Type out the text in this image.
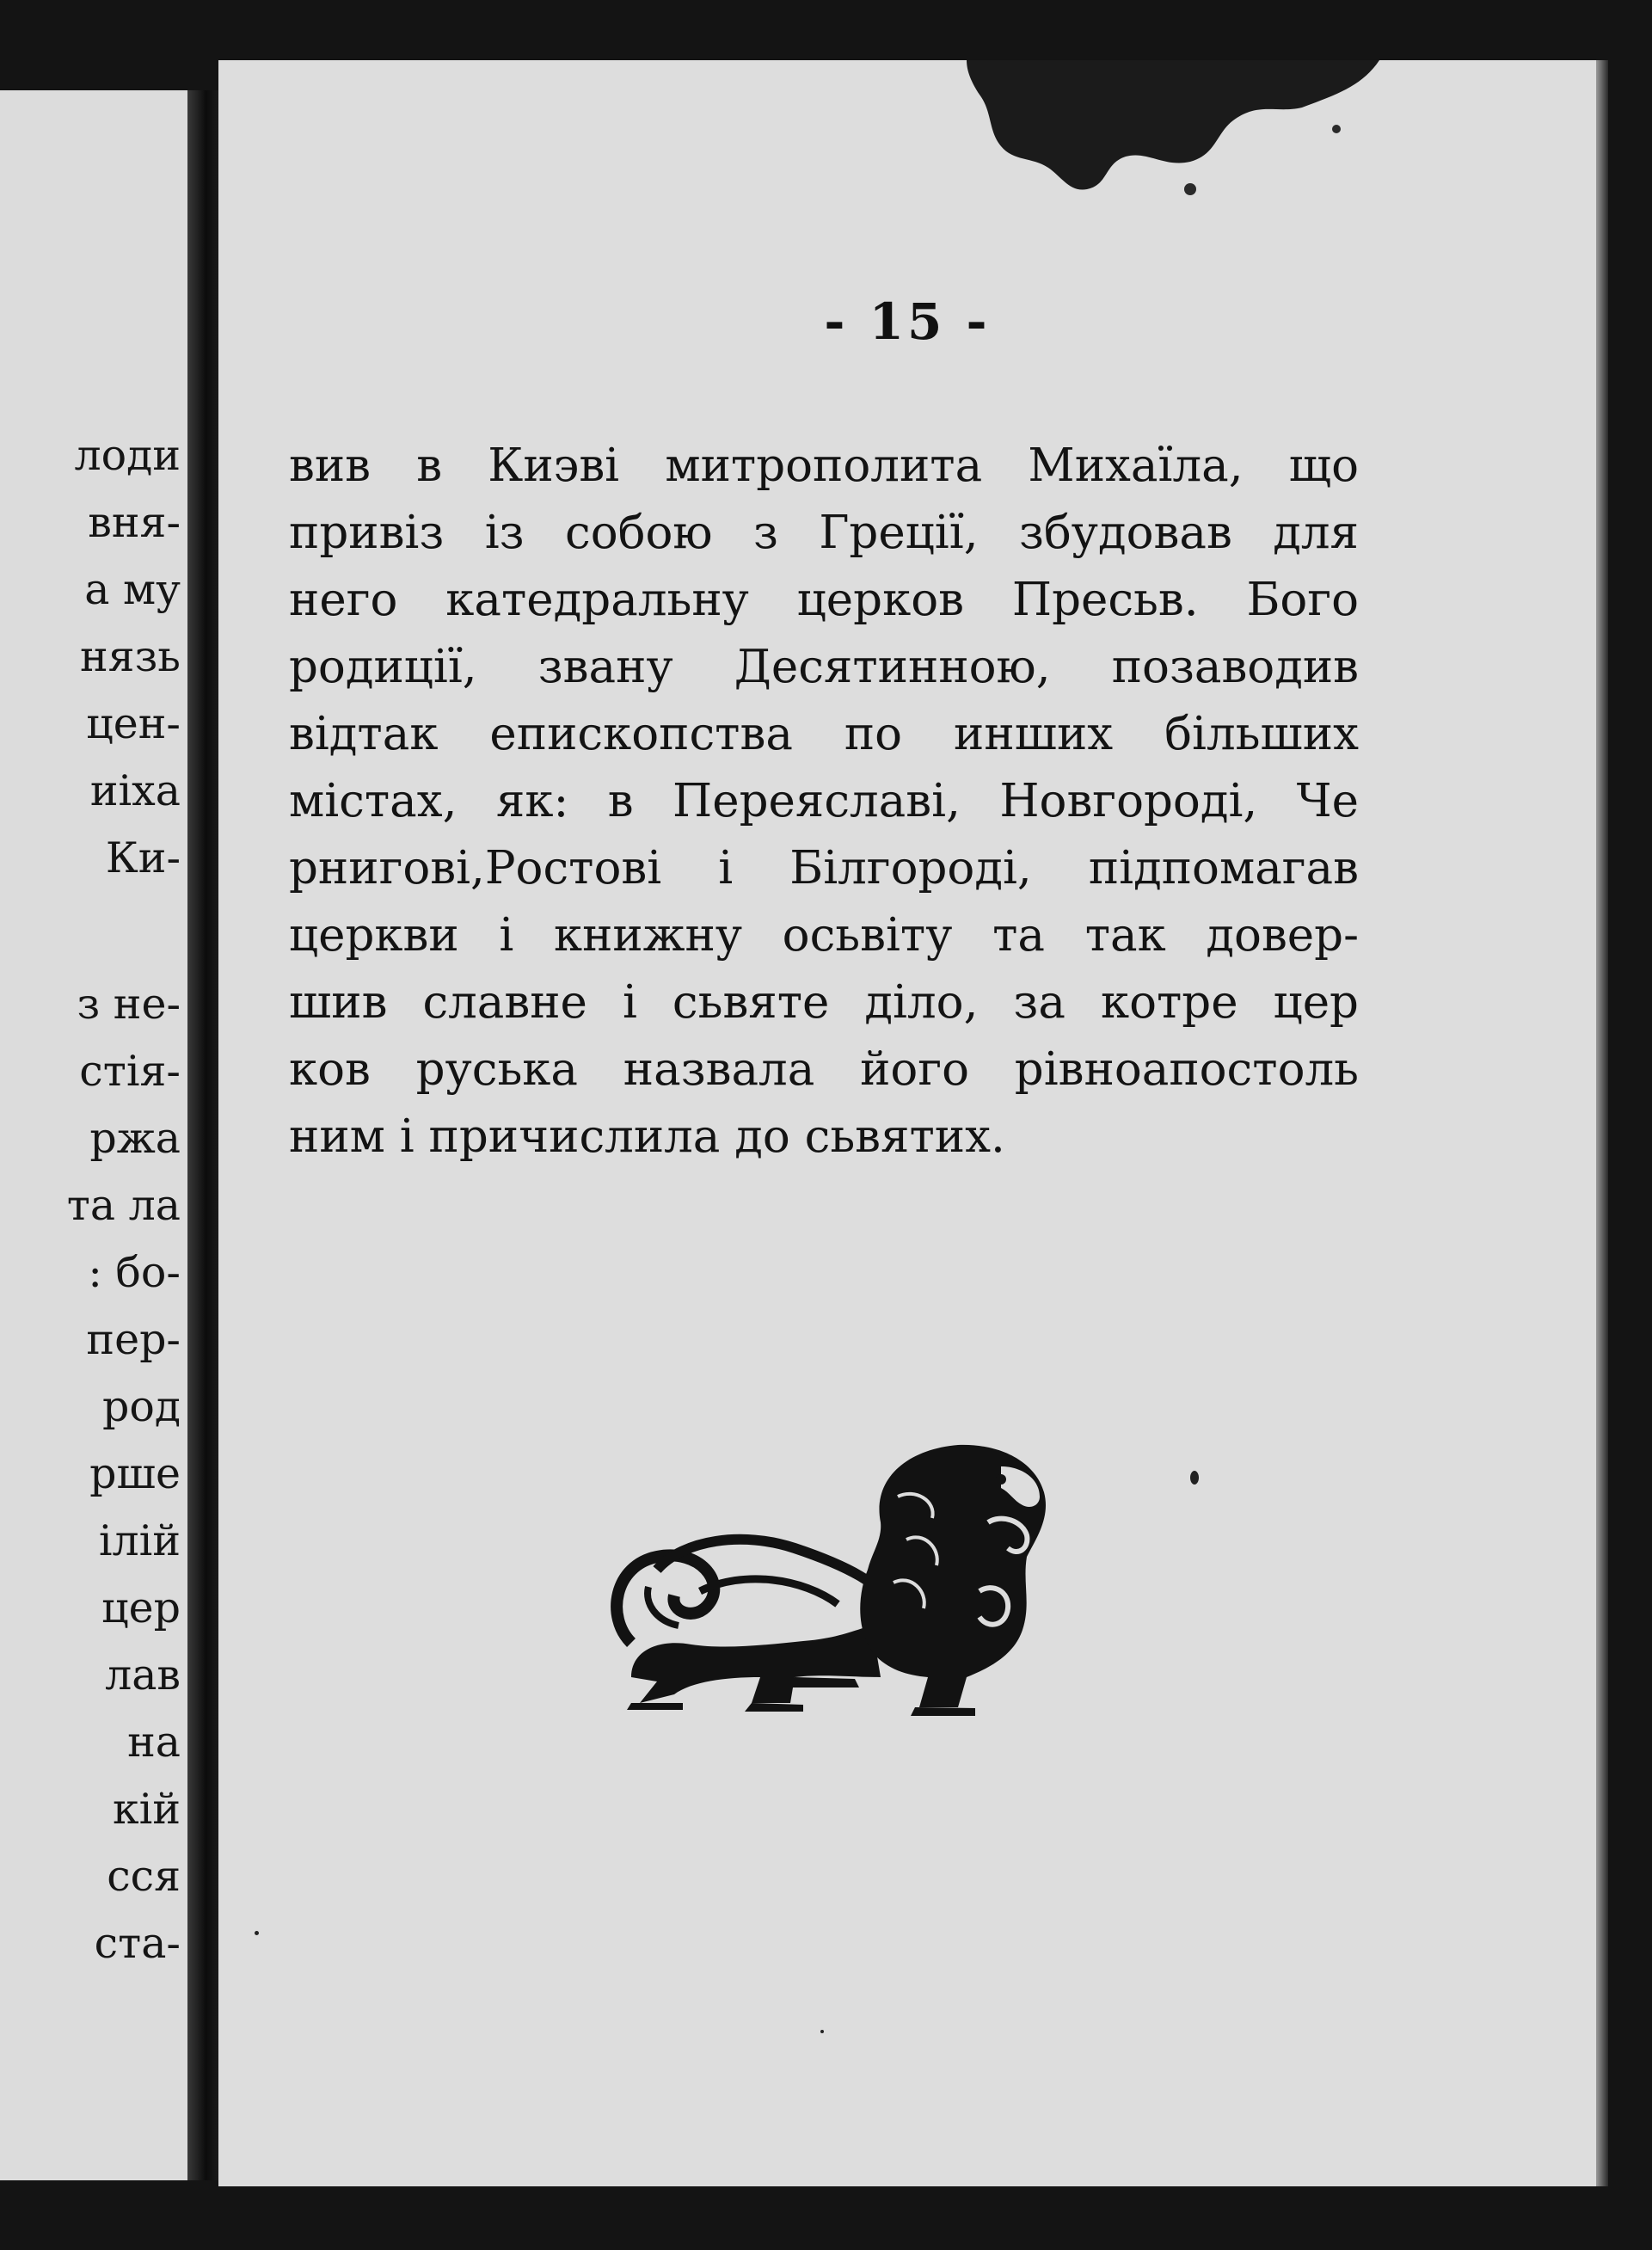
лоди

вня-

а му

нязь

цен-

иіха

Ки-

з не-

стія-

ржа

та ла

: бо-

пер-

род

рше

ілій

цер

лав

на

кій

сся

ста-

- 15 -

вив в Киэві митрополита Михаїла, що

привіз із собою з Греції, збудовав для

него катедральну церков Пресьв. Бого

родиції, звану Десятинною, позаводив

відтак епископства по инших більших

містах, як: в Переяславі, Новгороді, Че

рнигові,Ростові і Білгороді, підпомагав

церкви і книжну осьвіту та так довер-

шив славне і сьвяте діло, за котре цер

ков руська назвала його рівноапостоль

ним і причислила до сьвятих.
